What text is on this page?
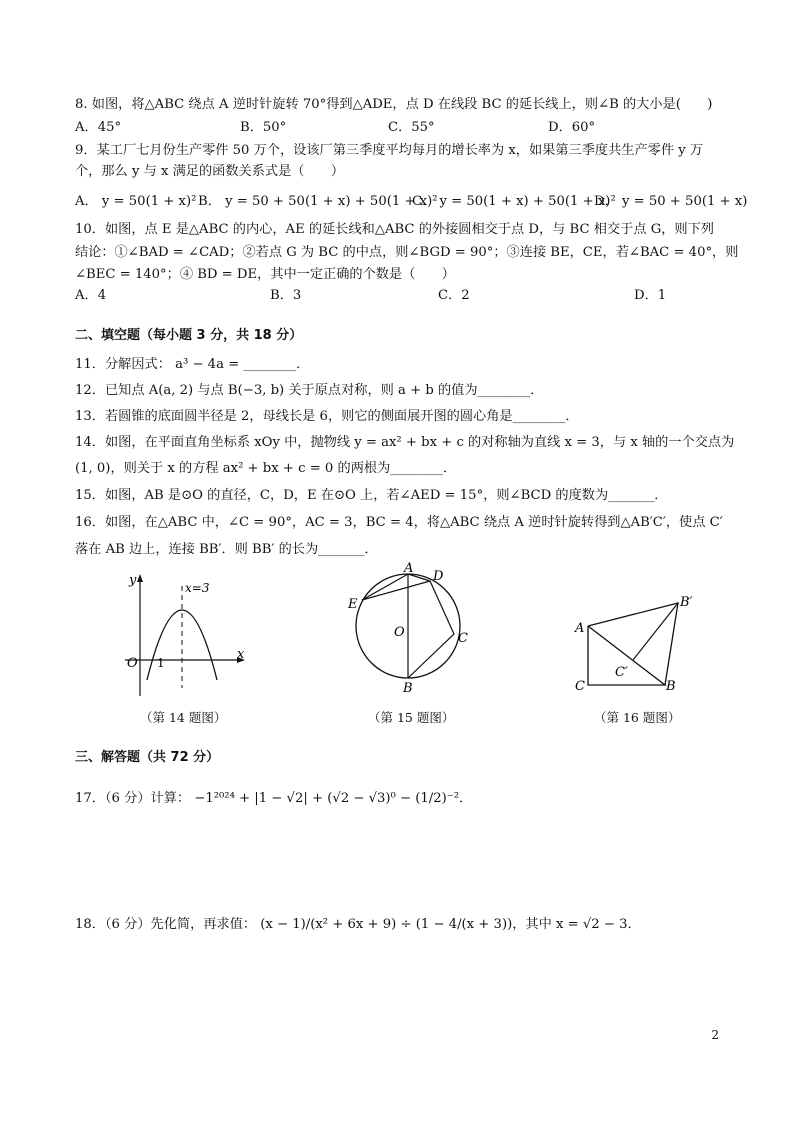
8. 如图，将△ABC 绕点 A 逆时针旋转 70°得到△ADE，点 D 在线段 BC 的延长线上，则∠B 的大小是(　　)
A．45°	B．50°	C．55°	D．60°
9．某工厂七月份生产零件 50 万个，设该厂第三季度平均每月的增长率为 x，如果第三季度共生产零件 y 万
个，那么 y 与 x 满足的函数关系式是（　　）
A． y = 50(1 + x)² B． y = 50 + 50(1 + x) + 50(1 + x)²
C． y = 50(1 + x) + 50(1 + x)²
D． y = 50 + 50(1 + x)
10．如图，点 E 是△ABC 的内心，AE 的延长线和△ABC 的外接圆相交于点 D，与 BC 相交于点 G，则下列
结论：①∠BAD = ∠CAD；②若点 G 为 BC 的中点，则∠BGD = 90°；③连接 BE，CE，若∠BAC = 40°，则
∠BEC = 140°；④ BD = DE，其中一定正确的个数是（　　）
A．4	B．3	C．2	D．1
二、填空题（每小题 3 分，共 18 分）
11．分解因式： a³ − 4a = ________．
12．已知点 A(a, 2) 与点 B(−3, b) 关于原点对称，则 a + b 的值为________．
13．若圆锥的底面圆半径是 2，母线长是 6，则它的侧面展开图的圆心角是________．
14．如图，在平面直角坐标系 xOy 中，抛物线 y = ax² + bx + c 的对称轴为直线 x = 3，与 x 轴的一个交点为
(1, 0)，则关于 x 的方程 ax² + bx + c = 0 的两根为________．
15．如图，AB 是⊙O 的直径，C，D，E 在⊙O 上，若∠AED = 15°，则∠BCD 的度数为_______．
16．如图，在△ABC 中，∠C = 90°，AC = 3，BC = 4，将△ABC 绕点 A 逆时针旋转得到△AB′C′，使点 C′
落在 AB 边上，连接 BB′．则 BB′ 的长为_______．
y
x
O 1
x=3
A
D
E
O	C
B
A
B′
C′
C	B
（第 14 题图）	（第 15 题图）	（第 16 题图）
三、解答题（共 72 分）
17．（6 分）计算： −1²⁰²⁴ + |1 − √2| + (√2 − √3)⁰ − (1/2)⁻²．
18．（6 分）先化简，再求值： (x − 1)/(x² + 6x + 9) ÷ (1 − 4/(x + 3))，其中 x = √2 − 3．
2
